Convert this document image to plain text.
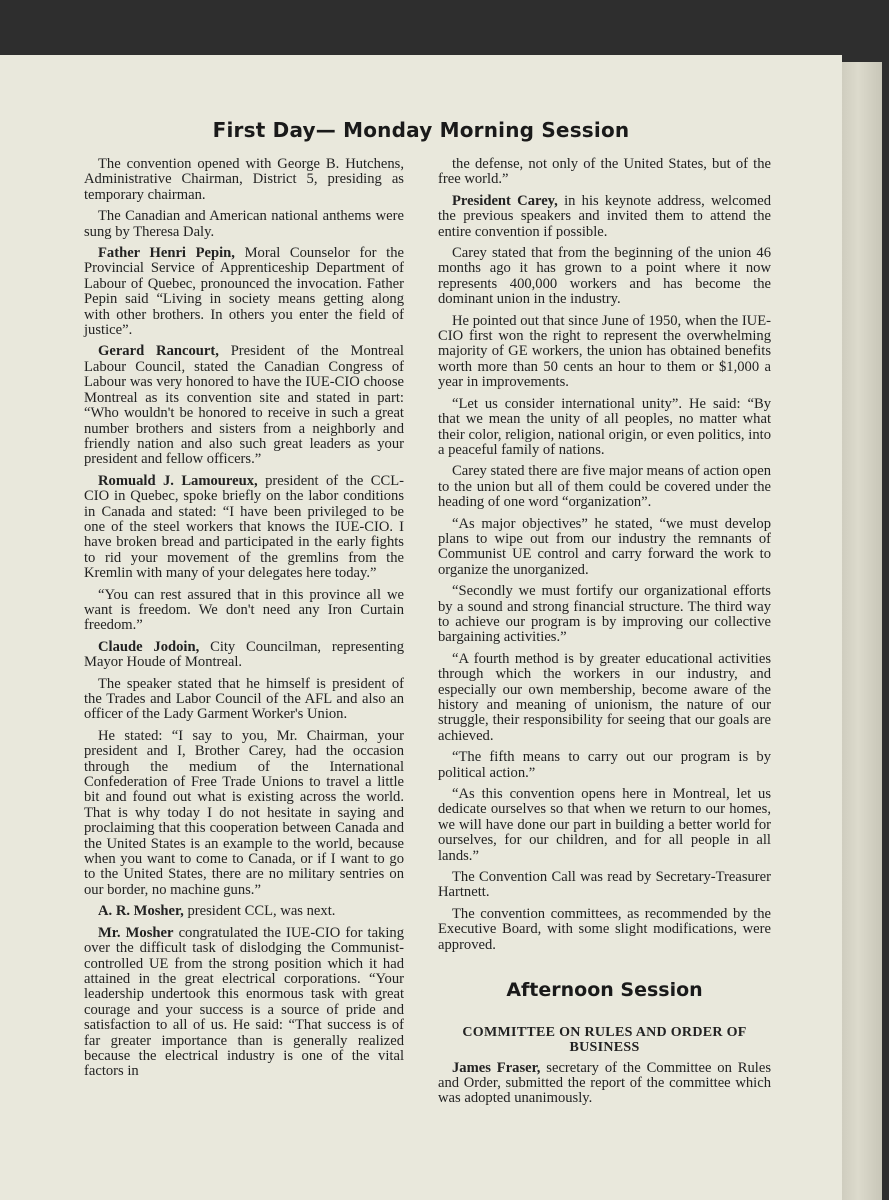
First Day— Monday Morning Session

The convention opened with George B. Hutchens, Administrative Chairman, District 5, presiding as temporary chairman.

The Canadian and American national anthems were sung by Theresa Daly.

Father Henri Pepin, Moral Counselor for the Provincial Service of Apprenticeship Department of Labour of Quebec, pronounced the invocation. Father Pepin said “Living in society means getting along with other brothers. In others you enter the field of justice”.

Gerard Rancourt, President of the Montreal Labour Council, stated the Canadian Congress of Labour was very honored to have the IUE-CIO choose Montreal as its convention site and stated in part: “Who wouldn't be honored to receive in such a great number brothers and sisters from a neighborly and friendly nation and also such great leaders as your president and fellow officers.”

Romuald J. Lamoureux, president of the CCL-CIO in Quebec, spoke briefly on the labor conditions in Canada and stated: “I have been privileged to be one of the steel workers that knows the IUE-CIO. I have broken bread and participated in the early fights to rid your movement of the gremlins from the Kremlin with many of your delegates here today.”

“You can rest assured that in this province all we want is freedom. We don't need any Iron Curtain freedom.”

Claude Jodoin, City Councilman, representing Mayor Houde of Montreal.

The speaker stated that he himself is president of the Trades and Labor Council of the AFL and also an officer of the Lady Garment Worker's Union.

He stated: “I say to you, Mr. Chairman, your president and I, Brother Carey, had the occasion through the medium of the International Confederation of Free Trade Unions to travel a little bit and found out what is existing across the world. That is why today I do not hesitate in saying and proclaiming that this cooperation between Canada and the United States is an example to the world, because when you want to come to Canada, or if I want to go to the United States, there are no military sentries on our border, no machine guns.”

A. R. Mosher, president CCL, was next.

Mr. Mosher congratulated the IUE-CIO for taking over the difficult task of dislodging the Communist-controlled UE from the strong position which it had attained in the great electrical corporations. “Your leadership undertook this enormous task with great courage and your success is a source of pride and satisfaction to all of us. He said: “That success is of far greater importance than is generally realized because the electrical industry is one of the vital factors in

the defense, not only of the United States, but of the free world.”

President Carey, in his keynote address, welcomed the previous speakers and invited them to attend the entire convention if possible.

Carey stated that from the beginning of the union 46 months ago it has grown to a point where it now represents 400,000 workers and has become the dominant union in the industry.

He pointed out that since June of 1950, when the IUE-CIO first won the right to represent the overwhelming majority of GE workers, the union has obtained benefits worth more than 50 cents an hour to them or $1,000 a year in improvements.

“Let us consider international unity”. He said: “By that we mean the unity of all peoples, no matter what their color, religion, national origin, or even politics, into a peaceful family of nations.

Carey stated there are five major means of action open to the union but all of them could be covered under the heading of one word “organization”.

“As major objectives” he stated, “we must develop plans to wipe out from our industry the remnants of Communist UE control and carry forward the work to organize the unorganized.

“Secondly we must fortify our organizational efforts by a sound and strong financial structure. The third way to achieve our program is by improving our collective bargaining activities.”

“A fourth method is by greater educational activities through which the workers in our industry, and especially our own membership, become aware of the history and meaning of unionism, the nature of our struggle, their responsibility for seeing that our goals are achieved.

“The fifth means to carry out our program is by political action.”

“As this convention opens here in Montreal, let us dedicate ourselves so that when we return to our homes, we will have done our part in building a better world for ourselves, for our children, and for all people in all lands.”

The Convention Call was read by Secretary-Treasurer Hartnett.

The convention committees, as recommended by the Executive Board, with some slight modifications, were approved.

Afternoon Session
COMMITTEE ON RULES AND ORDER OF BUSINESS

James Fraser, secretary of the Committee on Rules and Order, submitted the report of the committee which was adopted unanimously.
